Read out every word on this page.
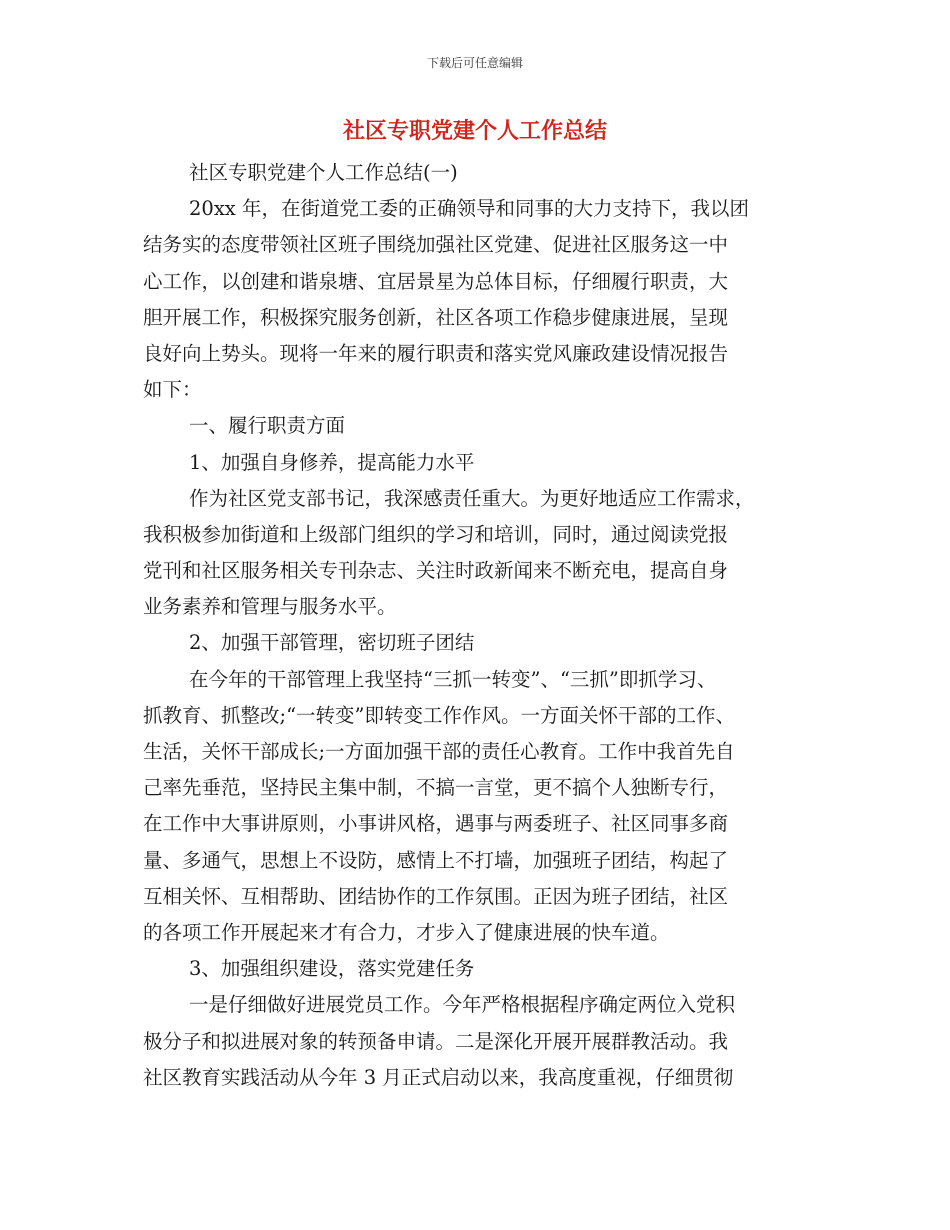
下载后可任意编辑
社区专职党建个人工作总结
社区专职党建个人工作总结(一)
20xx 年，在街道党工委的正确领导和同事的大力支持下，我以团
结务实的态度带领社区班子围绕加强社区党建、促进社区服务这一中
心工作，以创建和谐泉塘、宜居景星为总体目标，仔细履行职责，大
胆开展工作，积极探究服务创新，社区各项工作稳步健康进展，呈现
良好向上势头。现将一年来的履行职责和落实党风廉政建设情况报告
如下：
一、履行职责方面
1、加强自身修养，提高能力水平
作为社区党支部书记，我深感责任重大。为更好地适应工作需求，
我积极参加街道和上级部门组织的学习和培训，同时，通过阅读党报
党刊和社区服务相关专刊杂志、关注时政新闻来不断充电，提高自身
业务素养和管理与服务水平。
2、加强干部管理，密切班子团结
在今年的干部管理上我坚持“三抓一转变”、“三抓”即抓学习、
抓教育、抓整改;“一转变”即转变工作作风。一方面关怀干部的工作、
生活，关怀干部成长;一方面加强干部的责任心教育。工作中我首先自
己率先垂范，坚持民主集中制，不搞一言堂，更不搞个人独断专行，
在工作中大事讲原则，小事讲风格，遇事与两委班子、社区同事多商
量、多通气，思想上不设防，感情上不打墙，加强班子团结，构起了
互相关怀、互相帮助、团结协作的工作氛围。正因为班子团结，社区
的各项工作开展起来才有合力，才步入了健康进展的快车道。
3、加强组织建设，落实党建任务
一是仔细做好进展党员工作。今年严格根据程序确定两位入党积
极分子和拟进展对象的转预备申请。二是深化开展开展群教活动。我
社区教育实践活动从今年 3 月正式启动以来，我高度重视，仔细贯彻
